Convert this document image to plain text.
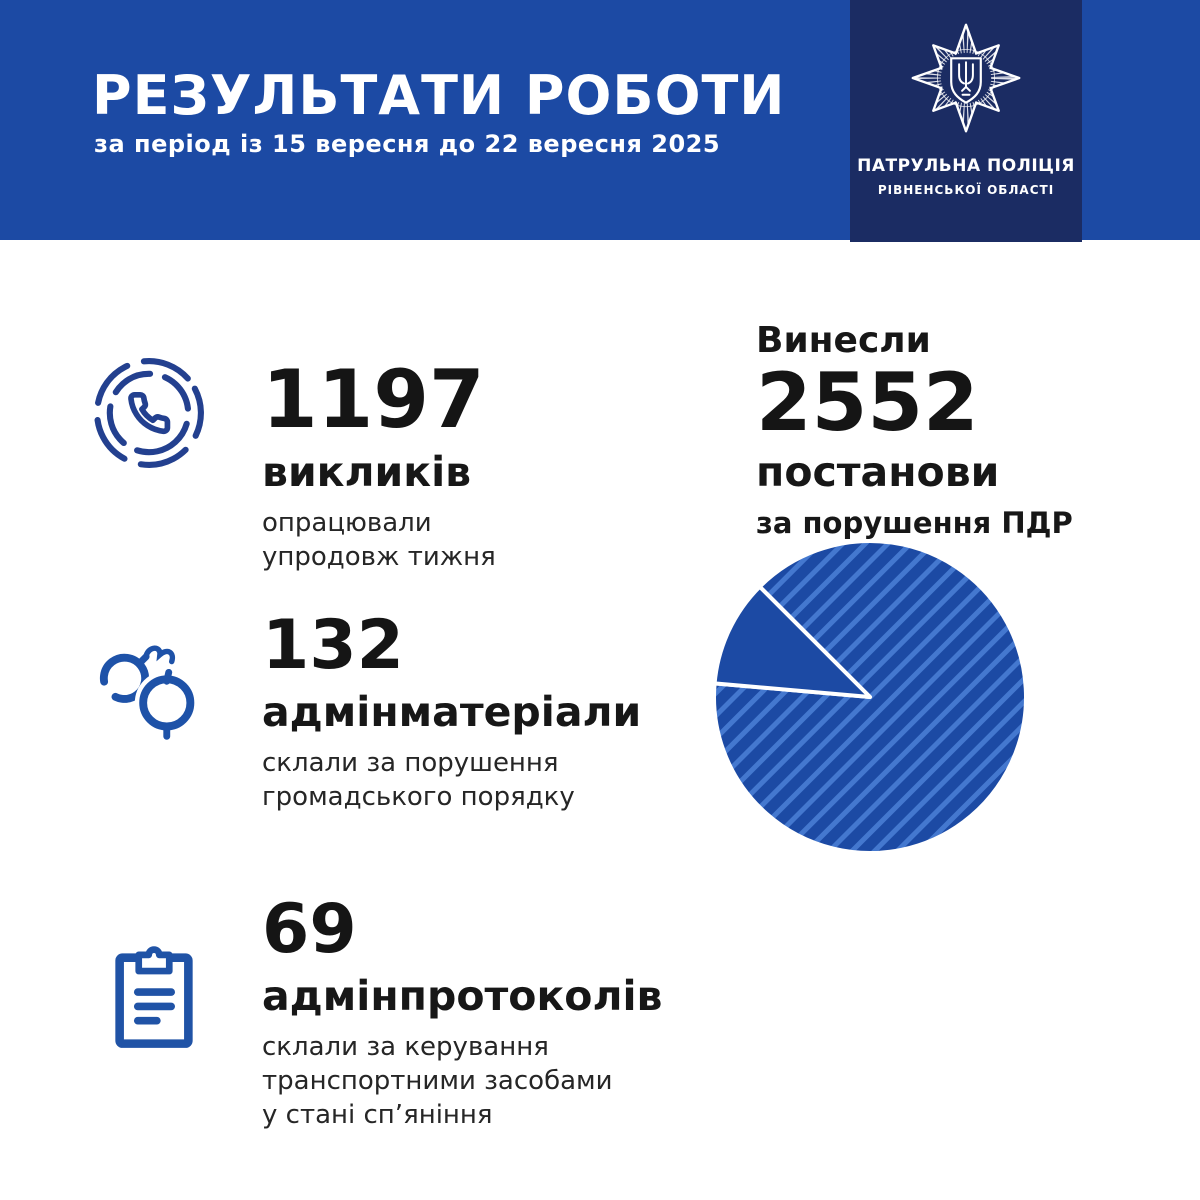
РЕЗУЛЬТАТИ РОБОТИ
за період із 15 вересня до 22 вересня 2025
ПАТРУЛЬНА ПОЛІЦІЯ
РІВНЕНСЬКОЇ ОБЛАСТІ
1197
викликів
опрацювали
упродовж тижня
132
адмінматеріали
склали за порушення
громадського порядку
69
адмінпротоколів
склали за керування
транспортними засобами
у стані сп’яніння
Винесли
2552
постанови
за порушення ПДР
